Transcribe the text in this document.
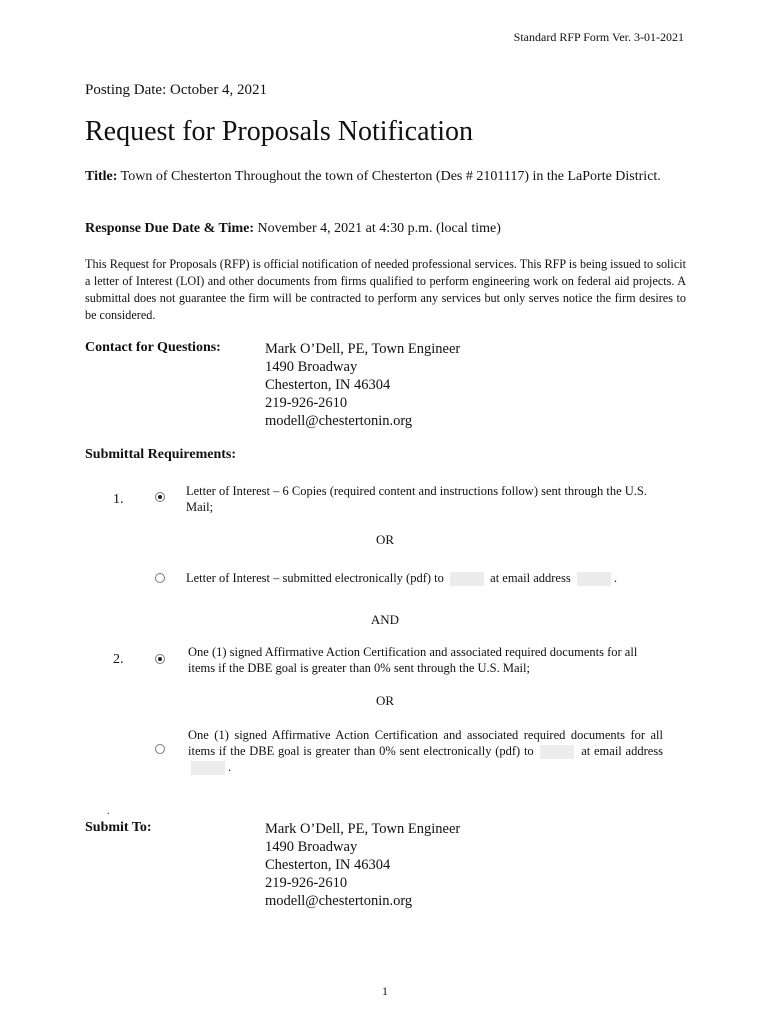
Standard RFP Form Ver. 3-01-2021
Posting Date: October 4, 2021
Request for Proposals Notification
Title: Town of Chesterton Throughout the town of Chesterton (Des # 2101117) in the LaPorte District.
Response Due Date & Time: November 4, 2021 at 4:30 p.m. (local time)
This Request for Proposals (RFP) is official notification of needed professional services. This RFP is being issued to solicit a letter of Interest (LOI) and other documents from firms qualified to perform engineering work on federal aid projects. A submittal does not guarantee the firm will be contracted to perform any services but only serves notice the firm desires to be considered.
Contact for Questions:	Mark O’Dell, PE, Town Engineer
1490 Broadway
Chesterton, IN 46304
219-926-2610
modell@chestertonin.org
Submittal Requirements:
1.
Letter of Interest – 6 Copies (required content and instructions follow) sent through the U.S. Mail;
OR
Letter of Interest – submitted electronically (pdf) to	at email address	.
AND
2.	One (1) signed Affirmative Action Certification and associated required documents for all items if the DBE goal is greater than 0% sent through the U.S. Mail;
OR
One (1) signed Affirmative Action Certification and associated required documents for all items if the DBE goal is greater than 0% sent electronically (pdf) to	at email address .
.
Submit To:	Mark O’Dell, PE, Town Engineer
1490 Broadway
Chesterton, IN 46304
219-926-2610
modell@chestertonin.org
1
